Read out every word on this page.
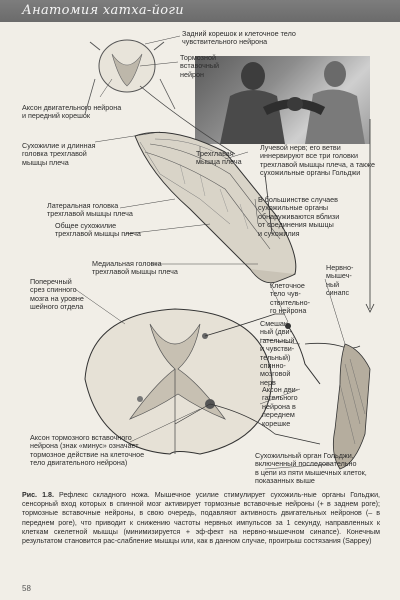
Анатомия хатха-йоги
Задний корешок и клеточное тело
чувствительного нейрона
Тормозной
вставочный
нейрон
Аксон двигательного нейрона
и передний корешок
Сухожилие и длинная
головка трехглавой
мышцы плеча
Трехглавая
мышца плеча
Лучевой нерв; его ветви
иннервируют все три головки
трехглавой мышцы плеча, а также
сухожильные органы Гольджи
Латеральная головка
трехглавой мышцы плеча
Общее сухожилие
трехглавой мышцы плеча
В большинстве случаев
сухожильные органы
обнаруживаются вблизи
от соединения мышцы
и сухожилия
Медиальная головка
трехглавой мышцы плеча
Поперечный
срез спинного
мозга на уровне
шейного отдела
Клеточное
тело чув-
ствительно-
го нейрона
Нервно-
мышеч-
ный
синапс
Смешан-
ный (дви-
гательный
и чувстви-
тельный)
спинно-
мозговой
нерв
Аксон дви-
гательного
нейрона в
переднем
корешке
Аксон тормозного вставочного
нейрона (знак «минус» означает
тормозное действие на клеточное
тело двигательного нейрона)
Сухожильный орган Гольджи,
включенный последовательно
в цепи из пяти мышечных клеток,
показанных выше
Рис. 1.8. Рефлекс складного ножа. Мышечное усилие стимулирует сухожиль-ные органы Гольджи, сенсорный вход которых в спинной мозг активирует тормозные вставочные нейроны (+ в заднем роге); тормозные вставочные нейроны, в свою очередь, подавляют активность двигательных нейронов (– в переднем роге), что приводит к снижению частоты нервных импульсов за 1 секунду, направленных к клеткам скелетной мышцы (минимизируется + эф-фект на нервно-мышечном синапсе). Конечным результатом становится рас-слабление мышцы или, как в данном случае, проигрыш состязания (Sappey)
58
